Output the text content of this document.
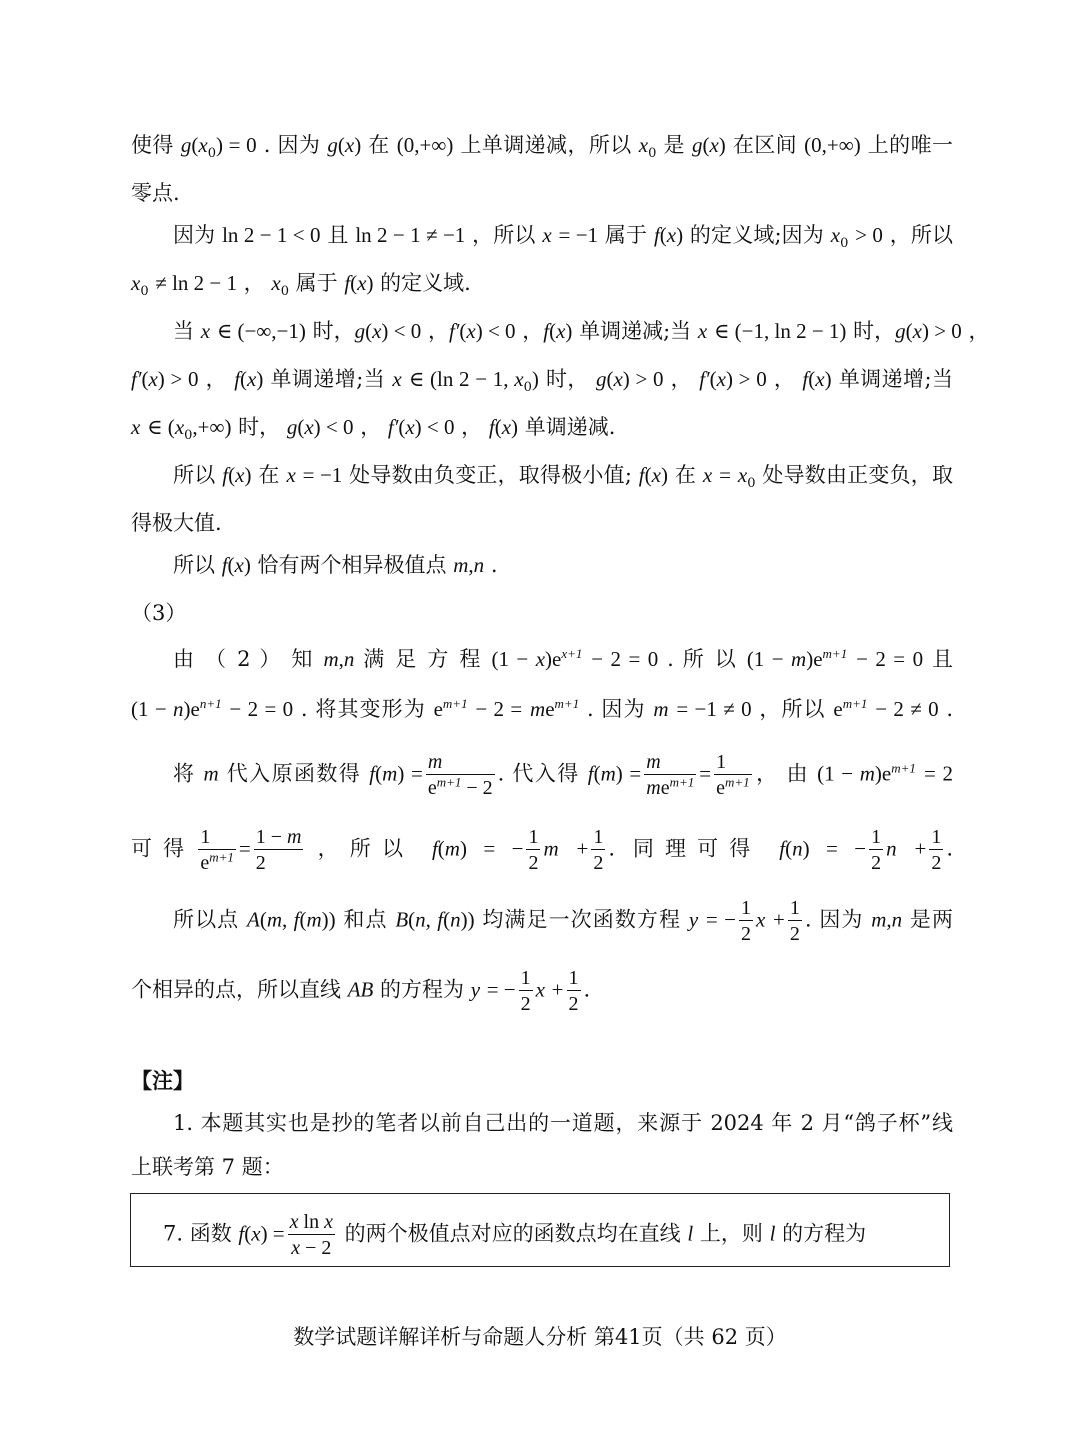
使得 $g(x_0) = 0$ . 因为 g(x) 在 (0,+∞) 上单调递减，所以 $x_0$ 是 g(x) 在区间 (0,+∞) 上的唯一
零点.
因为 ln 2 − 1 < 0 且 ln 2 − 1 ≠ −1 ，所以 x = −1 属于 f(x) 的定义域;因为 $x_0 > 0$ ，所以
$x_0 \ne \ln 2 - 1$ ， $x_0$ 属于 f(x) 的定义域.
当 x ∈ (−∞,−1) 时，g(x) < 0 ，f′(x) < 0 ，f(x) 单调递减;当 x ∈ (−1, ln 2 − 1) 时，g(x) > 0 ，
f′(x) > 0 ， f(x) 单调递增;当 x ∈ (ln 2 − 1, $x_0$) 时， g(x) > 0 ， f′(x) > 0 ， f(x) 单调递增;当
x ∈ $(x_0,+\infty)$ 时， g(x) < 0 ， f′(x) < 0 ， f(x) 单调递减.
所以 f(x) 在 x = −1 处导数由负变正，取得极小值; f(x) 在 $x = x_0$ 处导数由正变负，取
得极大值.
所以 f(x) 恰有两个相异极值点 m,n .
（3）
由 （ 2 ） 知 m,n 满 足 方 程 $(1 - x)e^{x+1} - 2 = 0$ . 所 以 $(1 - m)e^{m+1} - 2 = 0$ 且
$(1 - n)e^{n+1} - 2 = 0$ . 将其变形为 $e^{m+1} - 2 = me^{m+1}$ . 因为 m = −1 ≠ 0 ，所以 $e^{m+1} - 2 \ne 0$ .
将 m 代入原函数得 $f(m) = \frac{m}{e^{m+1} - 2}$ . 代入得 $f(m) = \frac{m}{me^{m+1}} = \frac{1}{e^{m+1}}$ ， 由 $(1 - m)e^{m+1} = 2$
可得 $\frac{1}{e^{m+1}} = \frac{1 - m}{2}$ ，所以 f(m) = − $\frac{1}{2}$ $m + \frac{1}{2}$ . 同理可得 f(n) = − $\frac{1}{2}$ $n + \frac{1}{2}$ .
所以点 A(m, f(m)) 和点 B(n, f(n)) 均满足一次函数方程 y = − $\frac{1}{2}$ $x + \frac{1}{2}$ . 因为 m,n 是两
个相异的点，所以直线 AB 的方程为 y = − $\frac{1}{2}$ $x + \frac{1}{2}$ .
【注】
1. 本题其实也是抄的笔者以前自己出的一道题，来源于 2024 年 2 月“鸽子杯”线
上联考第 7 题：
7. 函数 $f(x) = \frac{\text{x ln x}}{x - 2}$ 的两个极值点对应的函数点均在直线 l 上，则 l 的方程为
数学试题详解详析与命题人分析 第41页（共 62 页）
